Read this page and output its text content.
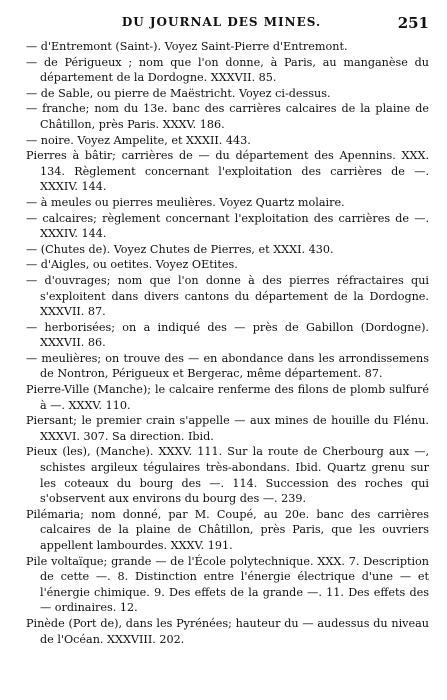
DU JOURNAL DES MINES.	251

— d'Entremont (Saint-). Voyez Saint-Pierre d'Entremont.

— de Périgueux ; nom que l'on donne, à Paris, au manganèse du département de la Dordogne. XXXVII. 85.

— de Sable, ou pierre de Maëstricht. Voyez ci-dessus.

— franche; nom du 13e. banc des carrières calcaires de la plaine de Châtillon, près Paris. XXXV. 186.

— noire. Voyez Ampelite, et XXXII. 443.

Pierres à bâtir; carrières de — du département des Apennins. XXX. 134. Règlement concernant l'exploitation des carrières de —. XXXIV. 144.

— à meules ou pierres meulières. Voyez Quartz molaire.

— calcaires; règlement concernant l'exploitation des carrières de —. XXXIV. 144.

— (Chutes de). Voyez Chutes de Pierres, et XXXI. 430.

— d'Aigles, ou oetites. Voyez OEtites.

— d'ouvrages; nom que l'on donne à des pierres réfractaires qui s'exploitent dans divers cantons du département de la Dordogne. XXXVII. 87.

— herborisées; on a indiqué des — près de Gabillon (Dordogne). XXXVII. 86.

— meulières; on trouve des — en abondance dans les arrondissemens de Nontron, Périgueux et Bergerac, même département. 87.

Pierre-Ville (Manche); le calcaire renferme des filons de plomb sulfuré à —. XXXV. 110.

Piersant; le premier crain s'appelle — aux mines de houille du Flénu. XXXVI. 307. Sa direction. Ibid.

Pieux (les), (Manche). XXXV. 111. Sur la route de Cherbourg aux —, schistes argileux tégulaires très-abondans. Ibid. Quartz grenu sur les coteaux du bourg des —. 114. Succession des roches qui s'observent aux environs du bourg des —. 239.

Pilémaria; nom donné, par M. Coupé, au 20e. banc des carrières calcaires de la plaine de Châtillon, près Paris, que les ouvriers appellent lambourdes. XXXV. 191.

Pile voltaïque; grande — de l'École polytechnique. XXX. 7. Description de cette —. 8. Distinction entre l'énergie électrique d'une — et l'énergie chimique. 9. Des effets de la grande —. 11. Des effets des — ordinaires. 12.

Pinède (Port de), dans les Pyrénées; hauteur du — audessus du niveau de l'Océan. XXXVIII. 202.
